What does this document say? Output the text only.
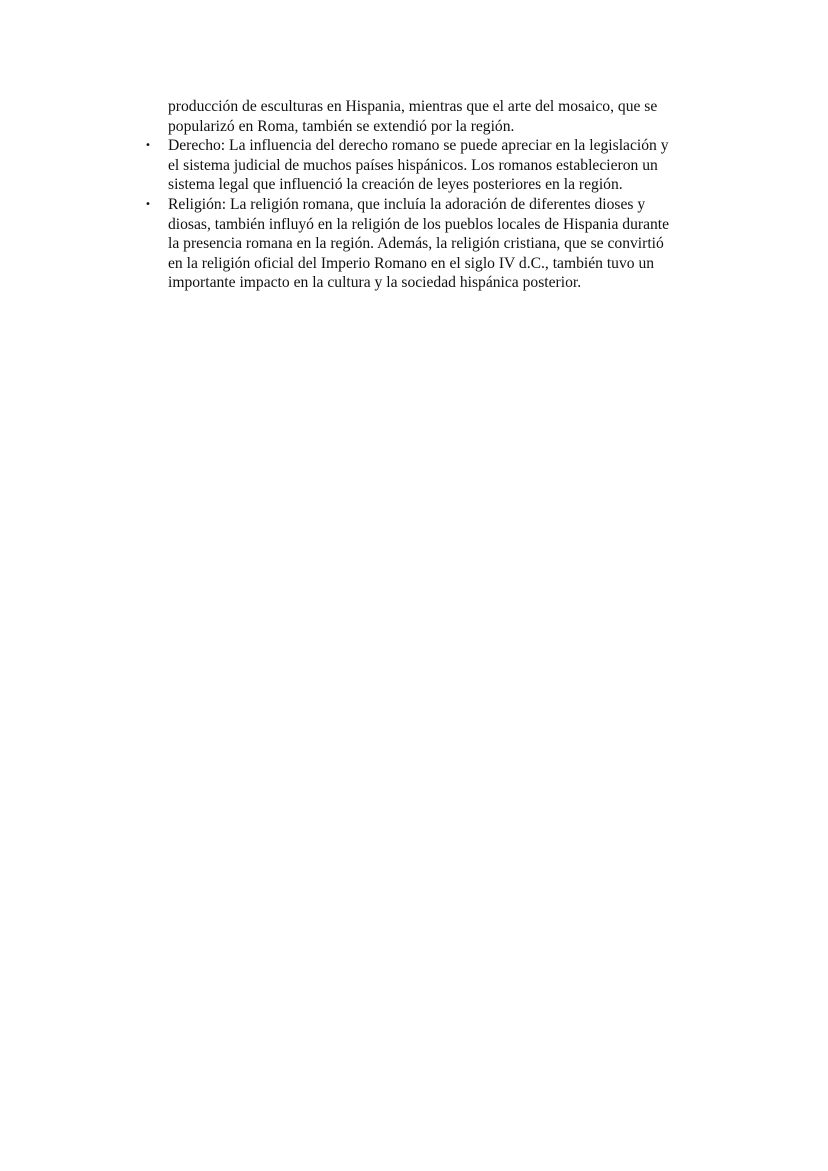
producción de esculturas en Hispania, mientras que el arte del mosaico, que se
popularizó en Roma, también se extendió por la región.

• Derecho: La influencia del derecho romano se puede apreciar en la legislación y
el sistema judicial de muchos países hispánicos. Los romanos establecieron un
sistema legal que influenció la creación de leyes posteriores en la región.
• Religión: La religión romana, que incluía la adoración de diferentes dioses y
diosas, también influyó en la religión de los pueblos locales de Hispania durante
la presencia romana en la región. Además, la religión cristiana, que se convirtió
en la religión oficial del Imperio Romano en el siglo IV d.C., también tuvo un
importante impacto en la cultura y la sociedad hispánica posterior.
